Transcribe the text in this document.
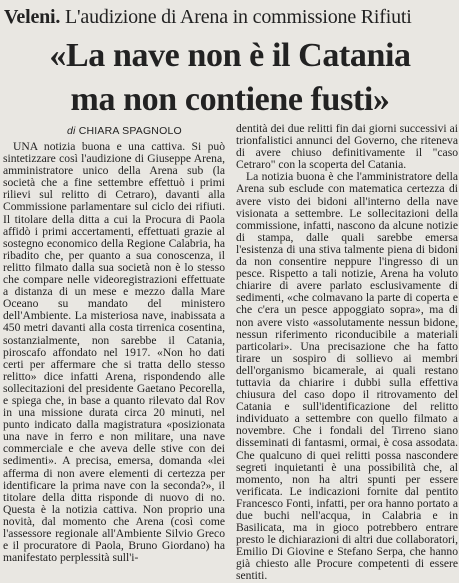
Veleni. L'audizione di Arena in commissione Rifiuti
«La nave non è il Catania
ma non contiene fusti»
di CHIARA SPAGNOLO

UNA notizia buona e una cattiva. Si può sintetizzare così l'audizione di Giuseppe Arena, amministratore unico della Arena sub (la società che a fine settembre effettuò i primi rilievi sul relitto di Cetraro), davanti alla Commissione parlamentare sul ciclo dei rifiuti. Il titolare della ditta a cui la Procura di Paola affidò i primi accertamenti, effettuati grazie al sostegno economico della Regione Calabria, ha ribadito che, per quanto a sua conoscenza, il relitto filmato dalla sua società non è lo stesso che compare nelle videoregistrazioni effettuate a distanza di un mese e mezzo dalla Mare Oceano su mandato del ministero dell'Ambiente. La misteriosa nave, inabissata a 450 metri davanti alla costa tirrenica cosentina, sostanzialmente, non sarebbe il Catania, piroscafo affondato nel 1917. «Non ho dati certi per affermare che si tratta dello stesso relitto» dice infatti Arena, rispondendo alle sollecitazioni del presidente Gaetano Pecorella, e spiega che, in base a quanto rilevato dal Rov in una missione durata circa 20 minuti, nel punto indicato dalla magistratura «posizionata una nave in ferro e non militare, una nave commerciale e che aveva delle stive con dei sedimenti». A precisa, emersa, domanda «lei afferma di non avere elementi di certezza per identificare la prima nave con la seconda?», il titolare della ditta risponde di nuovo di no. Questa è la notizia cattiva. Non proprio una novità, dal momento che Arena (così come l'assessore regionale all'Ambiente Silvio Greco e il procuratore di Paola, Bruno Giordano) ha manifestato perplessità sull'i-

dentità dei due relitti fin dai giorni successivi ai trionfalistici annunci del Governo, che riteneva di avere chiuso definitivamente il "caso Cetraro" con la scoperta del Catania.

La notizia buona è che l'amministratore della Arena sub esclude con matematica certezza di avere visto dei bidoni all'interno della nave visionata a settembre. Le sollecitazioni della commissione, infatti, nascono da alcune notizie di stampa, dalle quali sarebbe emersa l'esistenza di una stiva talmente piena di bidoni da non consentire neppure l'ingresso di un pesce. Rispetto a tali notizie, Arena ha voluto chiarire di avere parlato esclusivamente di sedimenti, «che colmavano la parte di coperta e che c'era un pesce appoggiato sopra», ma di non avere visto «assolutamente nessun bidone, nessun riferimento riconducibile a materiali particolari». Una precisazione che ha fatto tirare un sospiro di sollievo ai membri dell'organismo bicamerale, ai quali restano tuttavia da chiarire i dubbi sulla effettiva chiusura del caso dopo il ritrovamento del Catania e sull'identificazione del relitto individuato a settembre con quello filmato a novembre. Che i fondali del Tirreno siano disseminati di fantasmi, ormai, è cosa assodata. Che qualcuno di quei relitti possa nascondere segreti inquietanti è una possibilità che, al momento, non ha altri spunti per essere verificata. Le indicazioni fornite dal pentito Francesco Fonti, infatti, per ora hanno portato a due buchi nell'acqua, in Calabria e in Basilicata, ma in gioco potrebbero entrare presto le dichiarazioni di altri due collaboratori, Emilio Di Giovine e Stefano Serpa, che hanno già chiesto alle Procure competenti di essere sentiti.
